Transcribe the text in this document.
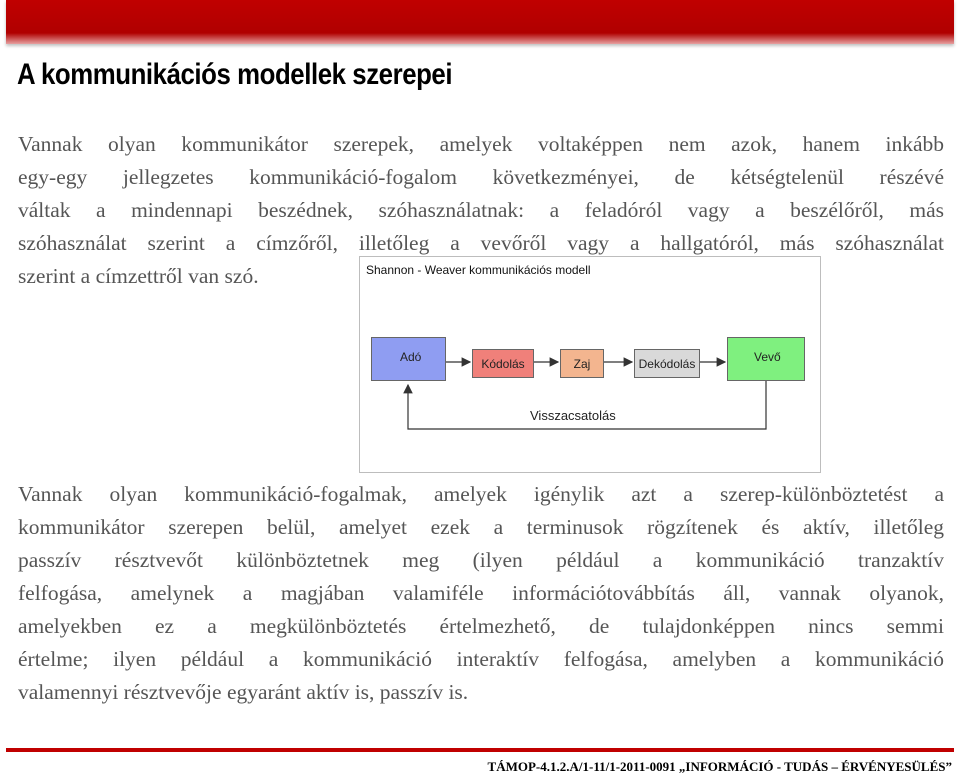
A kommunikációs modellek szerepei
Vannak olyan kommunikátor szerepek, amelyek voltaképpen nem azok, hanem inkább
egy-egy jellegzetes kommunikáció-fogalom következményei, de kétségtelenül részévé
váltak a mindennapi beszédnek, szóhasználatnak: a feladóról vagy a beszélőről, más
szóhasználat szerint a címzőről, illetőleg a vevőről vagy a hallgatóról, más szóhasználat
szerint a címzettről van szó.	Shannon - Weaver kommunikációs modell
Adó	Kódolás	Zaj	Dekódolás	Vevő
Visszacsatolás
Vannak olyan kommunikáció-fogalmak, amelyek igénylik azt a szerep-különböztetést a
kommunikátor szerepen belül, amelyet ezek a terminusok rögzítenek és aktív, illetőleg
passzív résztvevőt különböztetnek meg (ilyen például a kommunikáció tranzaktív
felfogása, amelynek a magjában valamiféle információtovábbítás áll, vannak olyanok,
amelyekben ez a megkülönböztetés értelmezhető, de tulajdonképpen nincs semmi
értelme; ilyen például a kommunikáció interaktív felfogása, amelyben a kommunikáció
valamennyi résztvevője egyaránt aktív is, passzív is.
TÁMOP-4.1.2.A/1-11/1-2011-0091 „INFORMÁCIÓ - TUDÁS – ÉRVÉNYESÜLÉS”
